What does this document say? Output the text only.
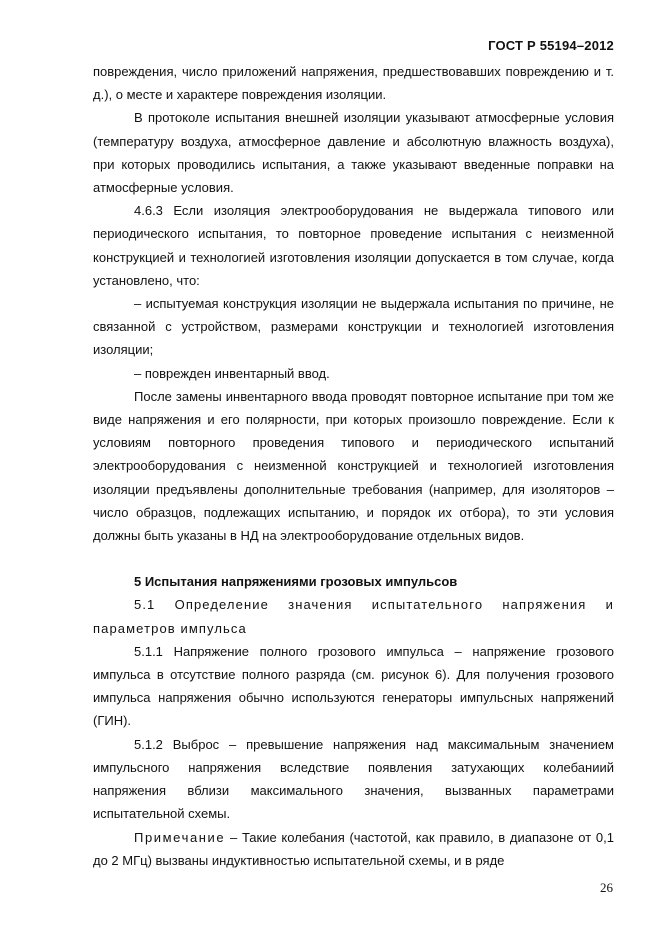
ГОСТ Р 55194–2012

повреждения, число приложений напряжения, предшествовавших повреждению и т. д.), о месте и характере повреждения изоляции.

В протоколе испытания внешней изоляции указывают атмосферные условия (температуру воздуха, атмосферное давление и абсолютную влажность воздуха), при которых проводились испытания, а также указывают введенные поправки на атмосферные условия.

4.6.3 Если изоляция электрооборудования не выдержала типового или периодического испытания, то повторное проведение испытания с неизменной конструкцией и технологией изготовления изоляции допускается в том случае, когда установлено, что:

– испытуемая конструкция изоляции не выдержала испытания по причине, не связанной с устройством, размерами конструкции и технологией изготовления изоляции;

– поврежден инвентарный ввод.

После замены инвентарного ввода проводят повторное испытание при том же виде напряжения и его полярности, при которых произошло повреждение. Если к условиям повторного проведения типового и периодического испытаний электрооборудования с неизменной конструкцией и технологией изготовления изоляции предъявлены дополнительные требования (например, для изоляторов – число образцов, подлежащих испытанию, и порядок их отбора), то эти условия должны быть указаны в НД на электрооборудование отдельных видов.

5 Испытания напряжениями грозовых импульсов

5.1 Определение значения испытательного напряжения и параметров импульса

5.1.1 Напряжение полного грозового импульса – напряжение грозового импульса в отсутствие полного разряда (см. рисунок 6). Для получения грозового импульса напряжения обычно используются генераторы импульсных напряжений (ГИН).

5.1.2 Выброс – превышение напряжения над максимальным значением импульсного напряжения вследствие появления затухающих колебаниий напряжения вблизи максимального значения, вызванных параметрами испытательной схемы.

Примечание – Такие колебания (частотой, как правило, в диапазоне от 0,1 до 2 МГц) вызваны индуктивностью испытательной схемы, и в ряде

26
